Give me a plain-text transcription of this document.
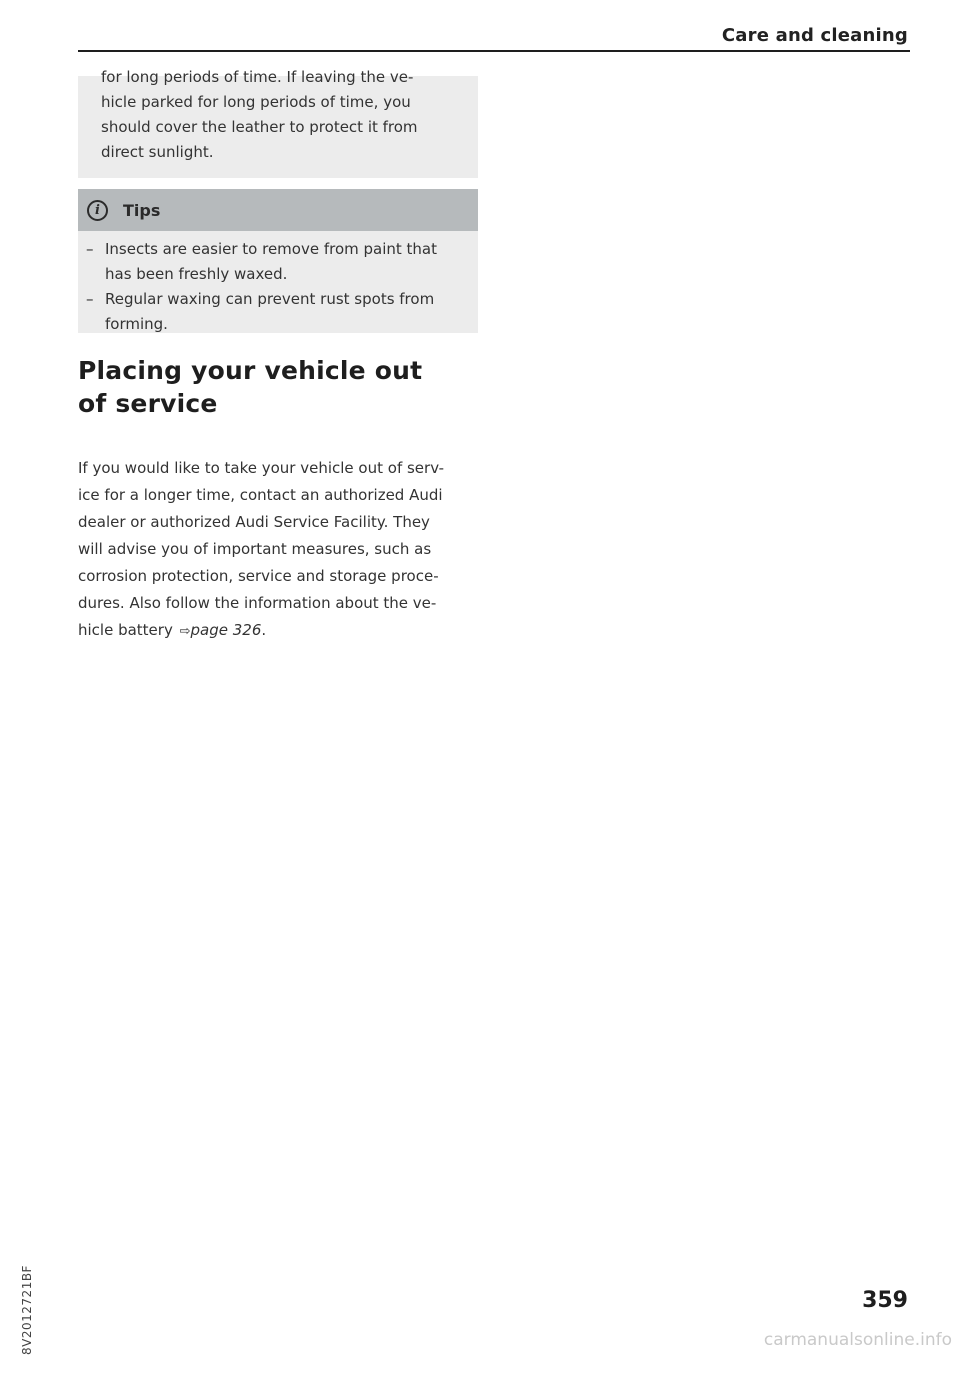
Care and cleaning
for long periods of time. If leaving the ve-
hicle parked for long periods of time, you
should cover the leather to protect it from
direct sunlight.
i	Tips
– Insects are easier to remove from paint that
has been freshly waxed.
– Regular waxing can prevent rust spots from
forming.
Placing your vehicle out
of service
If you would like to take your vehicle out of serv-
ice for a longer time, contact an authorized Audi
dealer or authorized Audi Service Facility. They
will advise you of important measures, such as
corrosion protection, service and storage proce-
dures. Also follow the information about the ve-
hicle battery ⇨page 326.
8V2012721BF	359
carmanualsonline.info
